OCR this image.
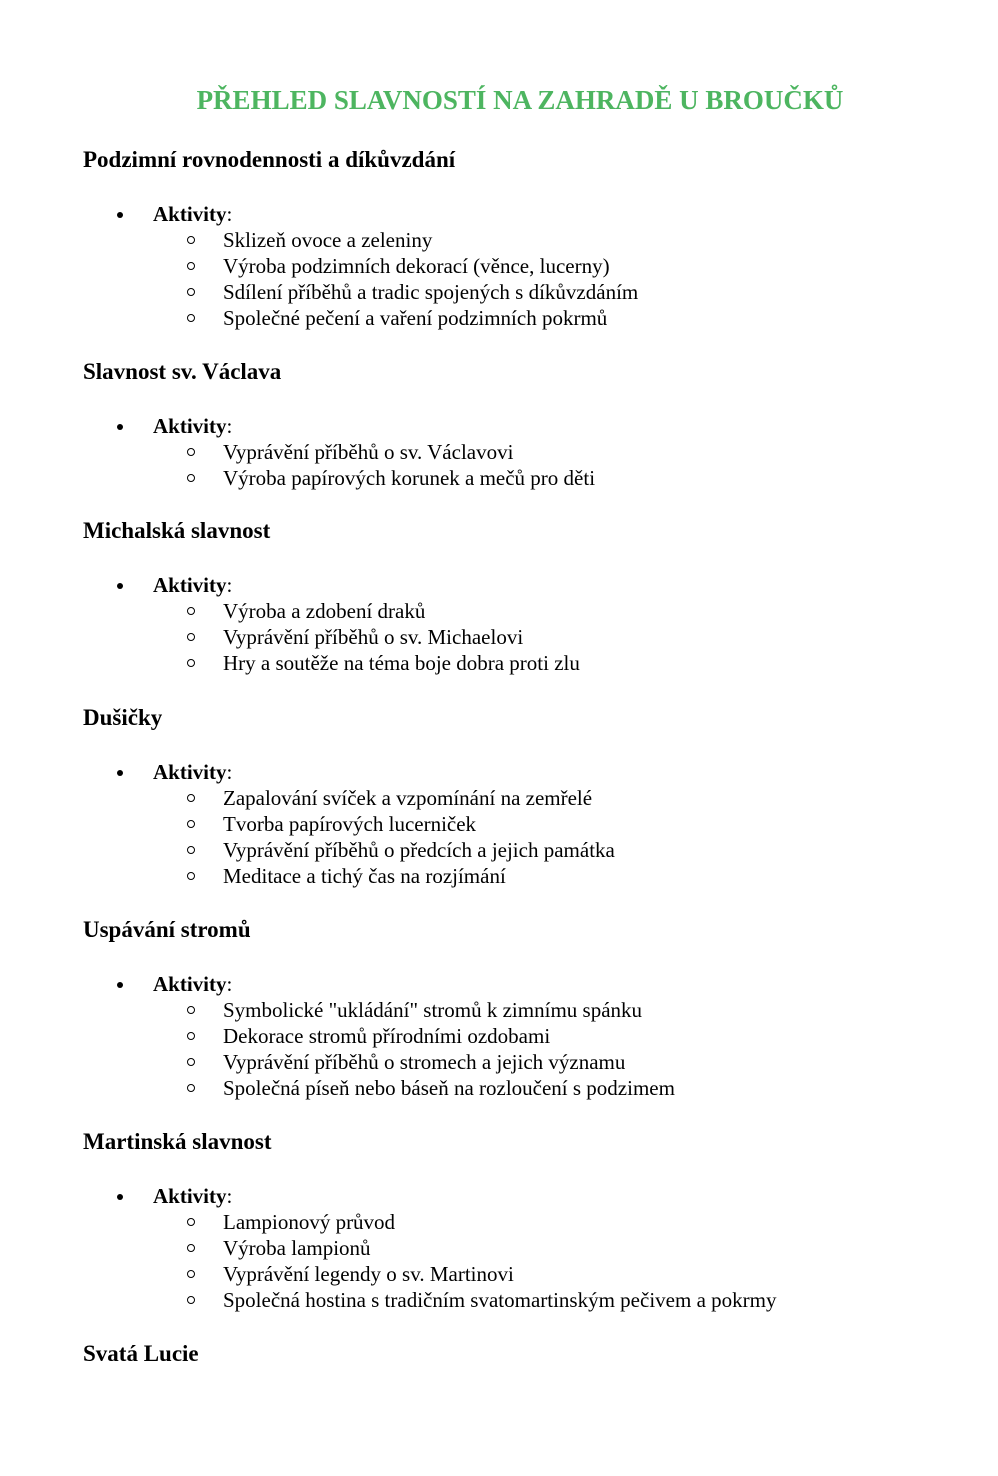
PŘEHLED SLAVNOSTÍ NA ZAHRADĚ U BROUČKŮ
Podzimní rovnodennosti a díkůvzdání
Aktivity:
Sklizeň ovoce a zeleniny
Výroba podzimních dekorací (věnce, lucerny)
Sdílení příběhů a tradic spojených s díkůvzdáním
Společné pečení a vaření podzimních pokrmů
Slavnost sv. Václava
Aktivity:
Vyprávění příběhů o sv. Václavovi
Výroba papírových korunek a mečů pro děti
Michalská slavnost
Aktivity:
Výroba a zdobení draků
Vyprávění příběhů o sv. Michaelovi
Hry a soutěže na téma boje dobra proti zlu
Dušičky
Aktivity:
Zapalování svíček a vzpomínání na zemřelé
Tvorba papírových lucerniček
Vyprávění příběhů o předcích a jejich památka
Meditace a tichý čas na rozjímání
Uspávání stromů
Aktivity:
Symbolické "ukládání" stromů k zimnímu spánku
Dekorace stromů přírodními ozdobami
Vyprávění příběhů o stromech a jejich významu
Společná píseň nebo báseň na rozloučení s podzimem
Martinská slavnost
Aktivity:
Lampionový průvod
Výroba lampionů
Vyprávění legendy o sv. Martinovi
Společná hostina s tradičním svatomartinským pečivem a pokrmy
Svatá Lucie
